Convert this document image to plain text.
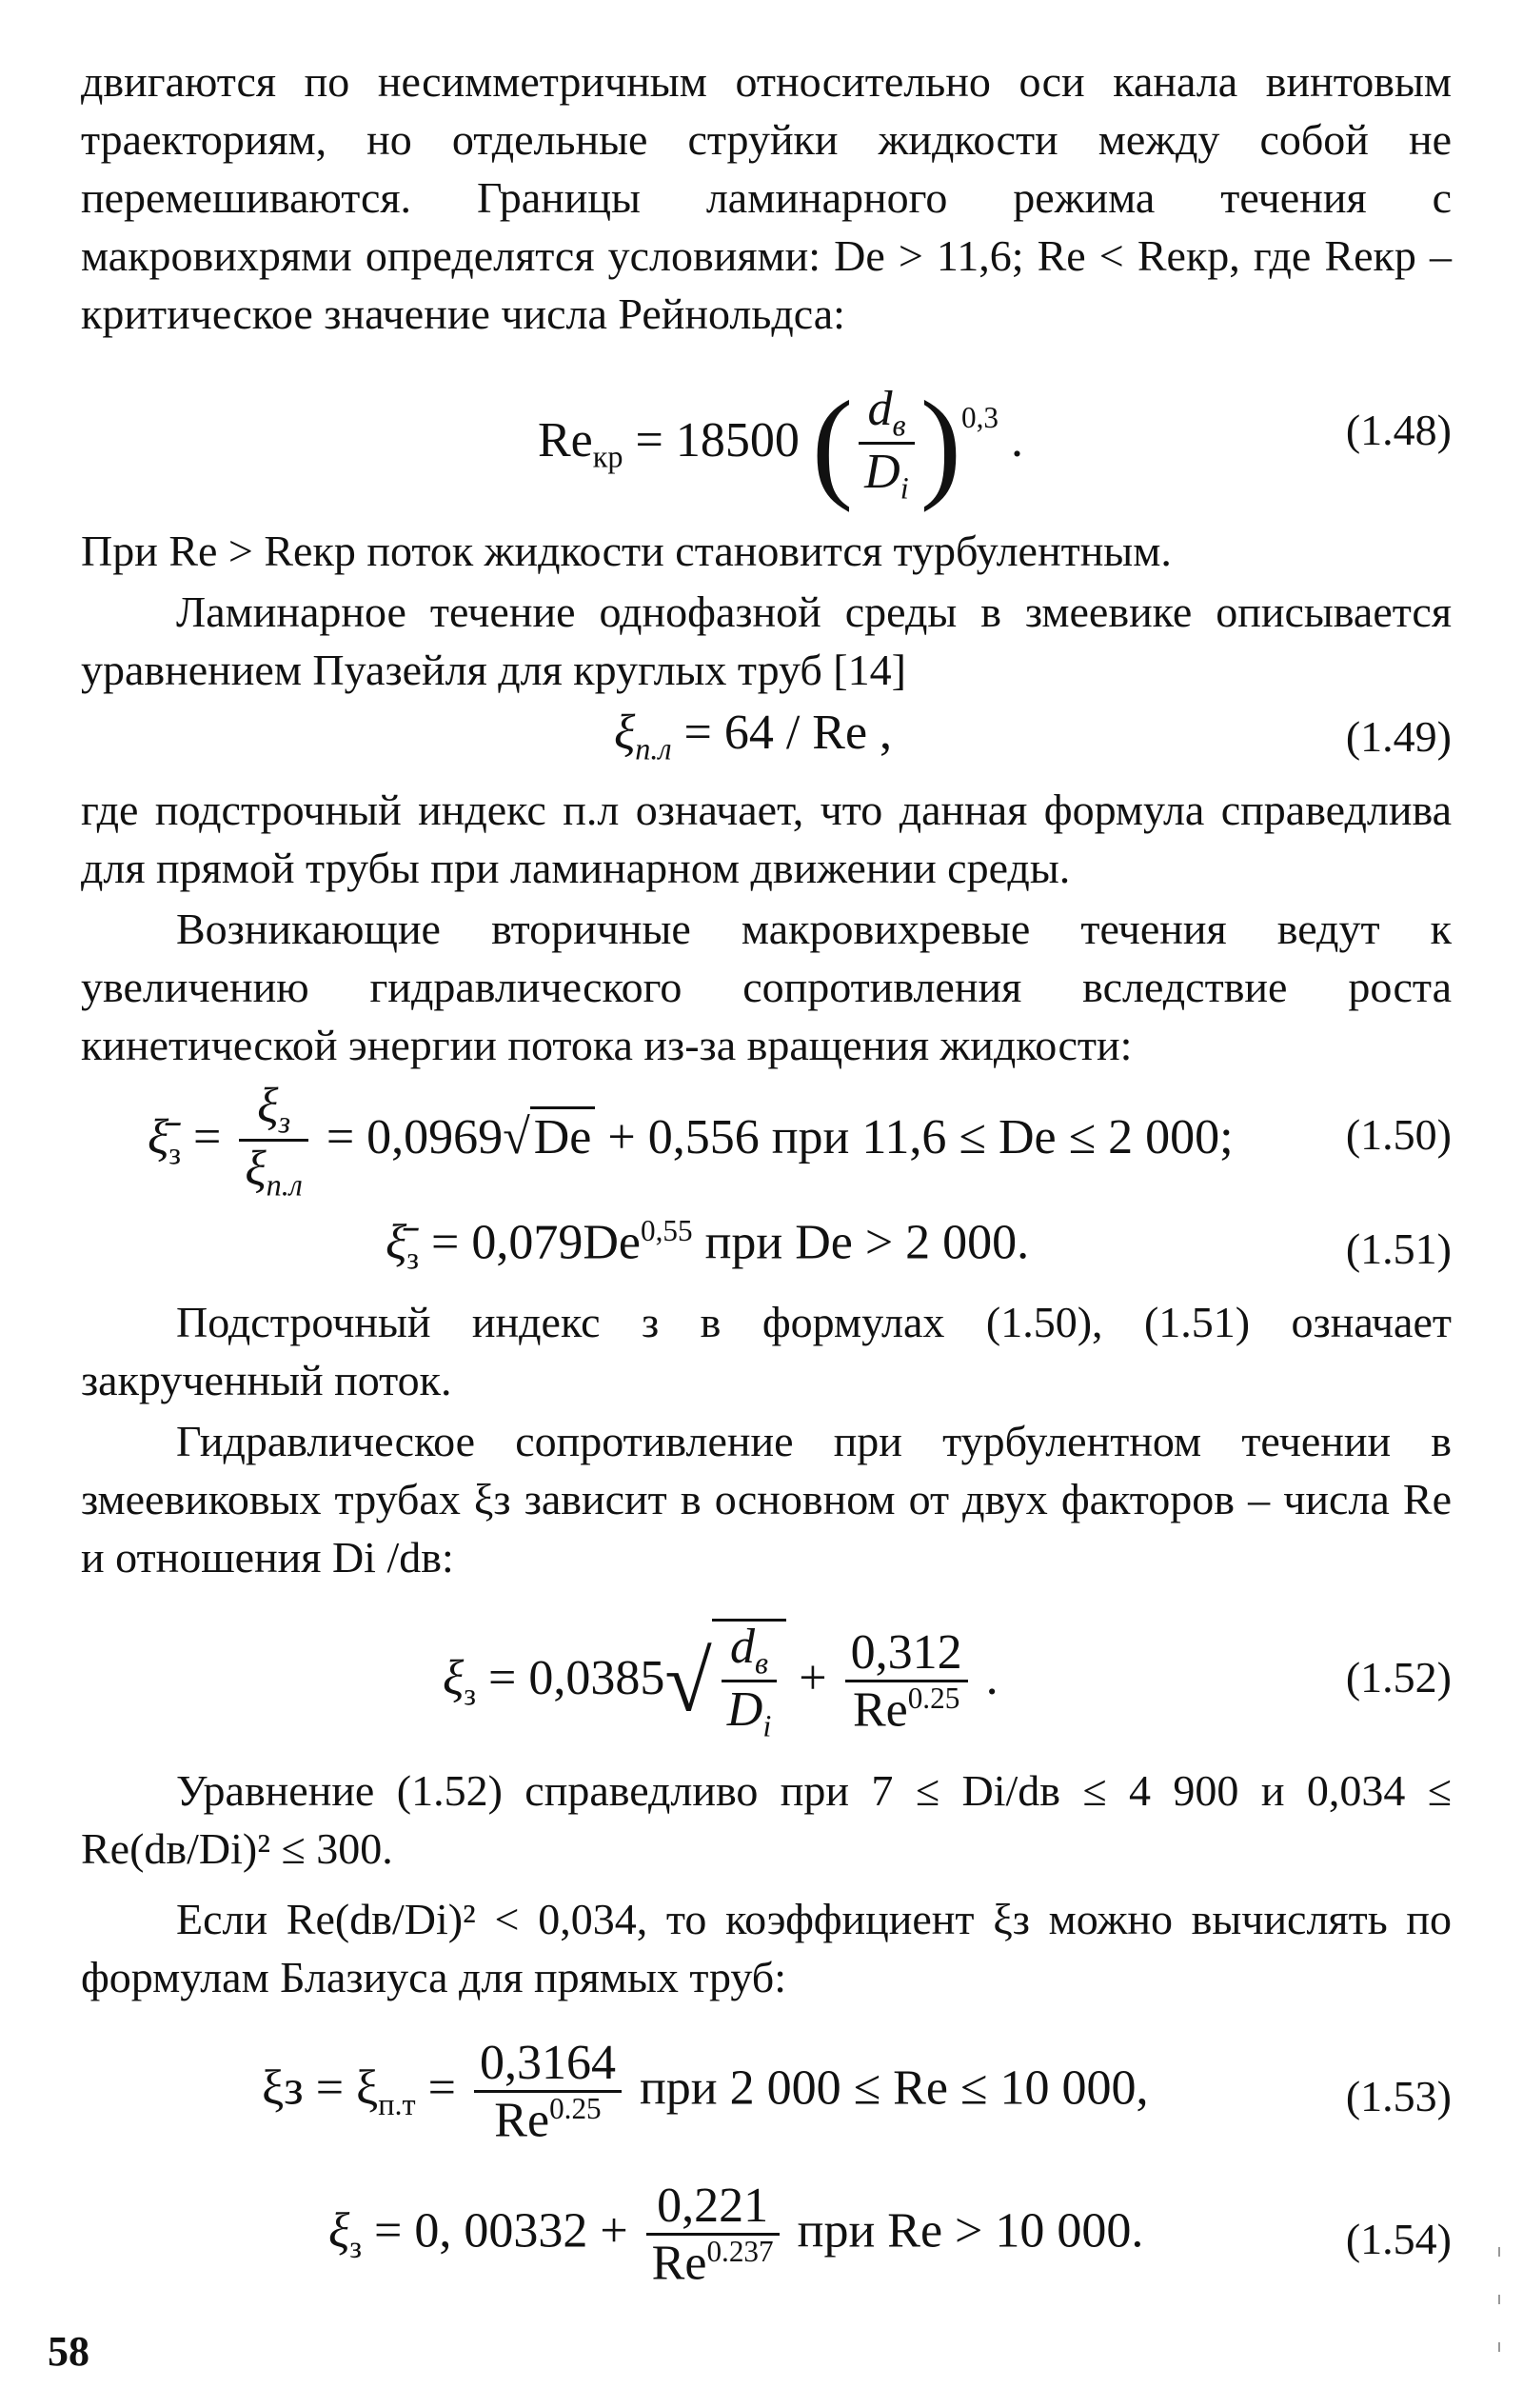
двигаются по несимметричным относительно оси канала винтовым траекториям, но отдельные струйки жидкости между собой не перемешиваются. Границы ламинарного режима течения с макровихрями определятся условиями: De > 11,6; Re < Reкр, где Reкр – критическое значение числа Рейнольдса:

$Re_{кр} = 18500$ ( $\frac{d_в}{D_i} )^{0,3}$ .	(1.48)

При Re > Reкр поток жидкости становится турбулентным.

Ламинарное течение однофазной среды в змеевике описывается уравнением Пуазейля для круглых труб [14]

$\xi_{п.л} = 64 / Re$ ,	(1.49)

где подстрочный индекс п.л означает, что данная формула справедлива для прямой трубы при ламинарном движении среды.

Возникающие вторичные макровихревые течения ведут к увеличению гидравлического сопротивления вследствие роста кинетической энергии потока из-за вращения жидкости:

$\xī_з = \frac{\xi_з}{\xi_{п.л}} = 0,0969√De + 0,556$ при 11,6 ≤ De ≤ 2 000;	(1.50)
$\xī_з = 0,079De^{0,55}$ при De > 2 000.	(1.51)

Подстрочный индекс з в формулах (1.50), (1.51) означает закрученный поток.

Гидравлическое сопротивление при турбулентном течении в змеевиковых трубах ξз зависит в основном от двух факторов – числа Re и отношения Di /dв:

$\xi_з = 0,0385√ \frac{d_в}{D_i} + \frac{0,312}{Re^{0.25}}$ .	(1.52)

Уравнение (1.52) справедливо при 7 ≤ Di/dв ≤ 4 900 и 0,034 ≤ Re(dв/Di)² ≤ 300.

Если Re(dв/Di)² < 0,034, то коэффициент ξз можно вычислять по формулам Блазиуса для прямых труб:

$\xi з = \xi_{п.т} = \frac{0,3164}{Re^{0.25}}$ при 2 000 ≤ Re ≤ 10 000,	(1.53)
$\xi_з = 0$, $00332 + \frac{0,221}{Re^{0.237}}$ при Re > 10 000.	(1.54)
58
